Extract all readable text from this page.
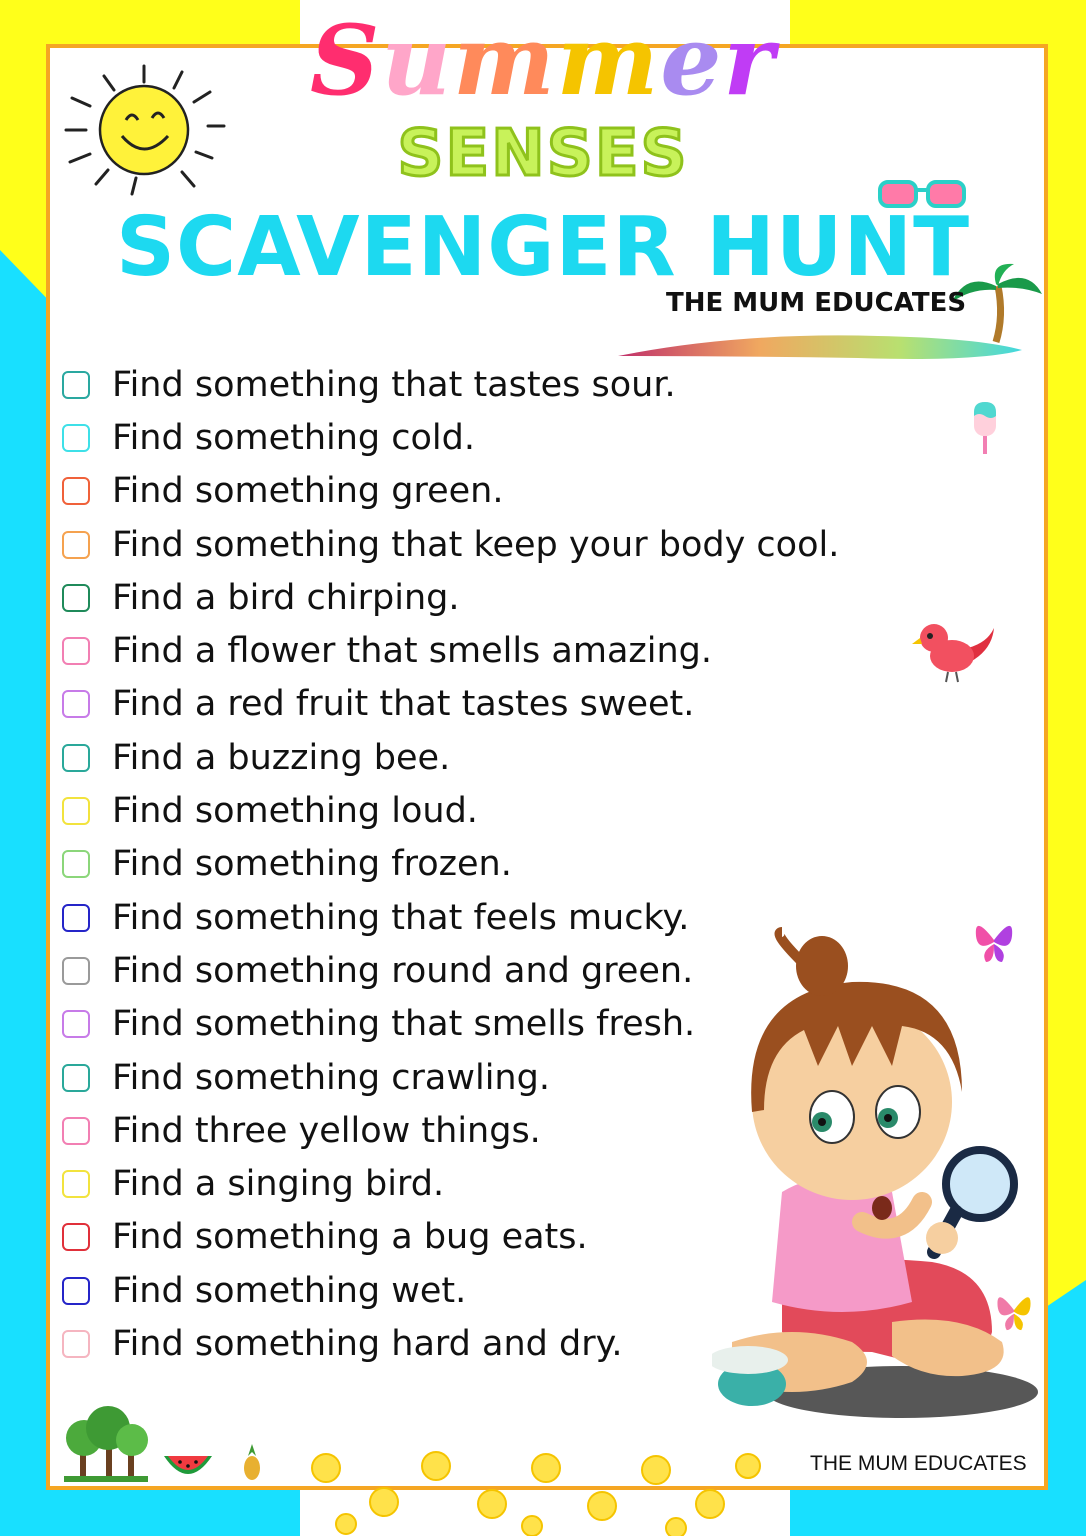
Summer
SENSES
SCAVENGER HUNT
THE MUM EDUCATES
Find something that tastes sour.
Find something cold.
Find something green.
Find something that keep your body cool.
Find a bird chirping.
Find a flower that smells amazing.
Find a red fruit that tastes sweet.
Find a buzzing bee.
Find something loud.
Find something frozen.
Find something that feels mucky.
Find something round and green.
Find something that smells fresh.
Find something crawling.
Find three yellow things.
Find a singing bird.
Find something a bug eats.
Find something wet.
Find something hard and dry.
THE MUM EDUCATES
